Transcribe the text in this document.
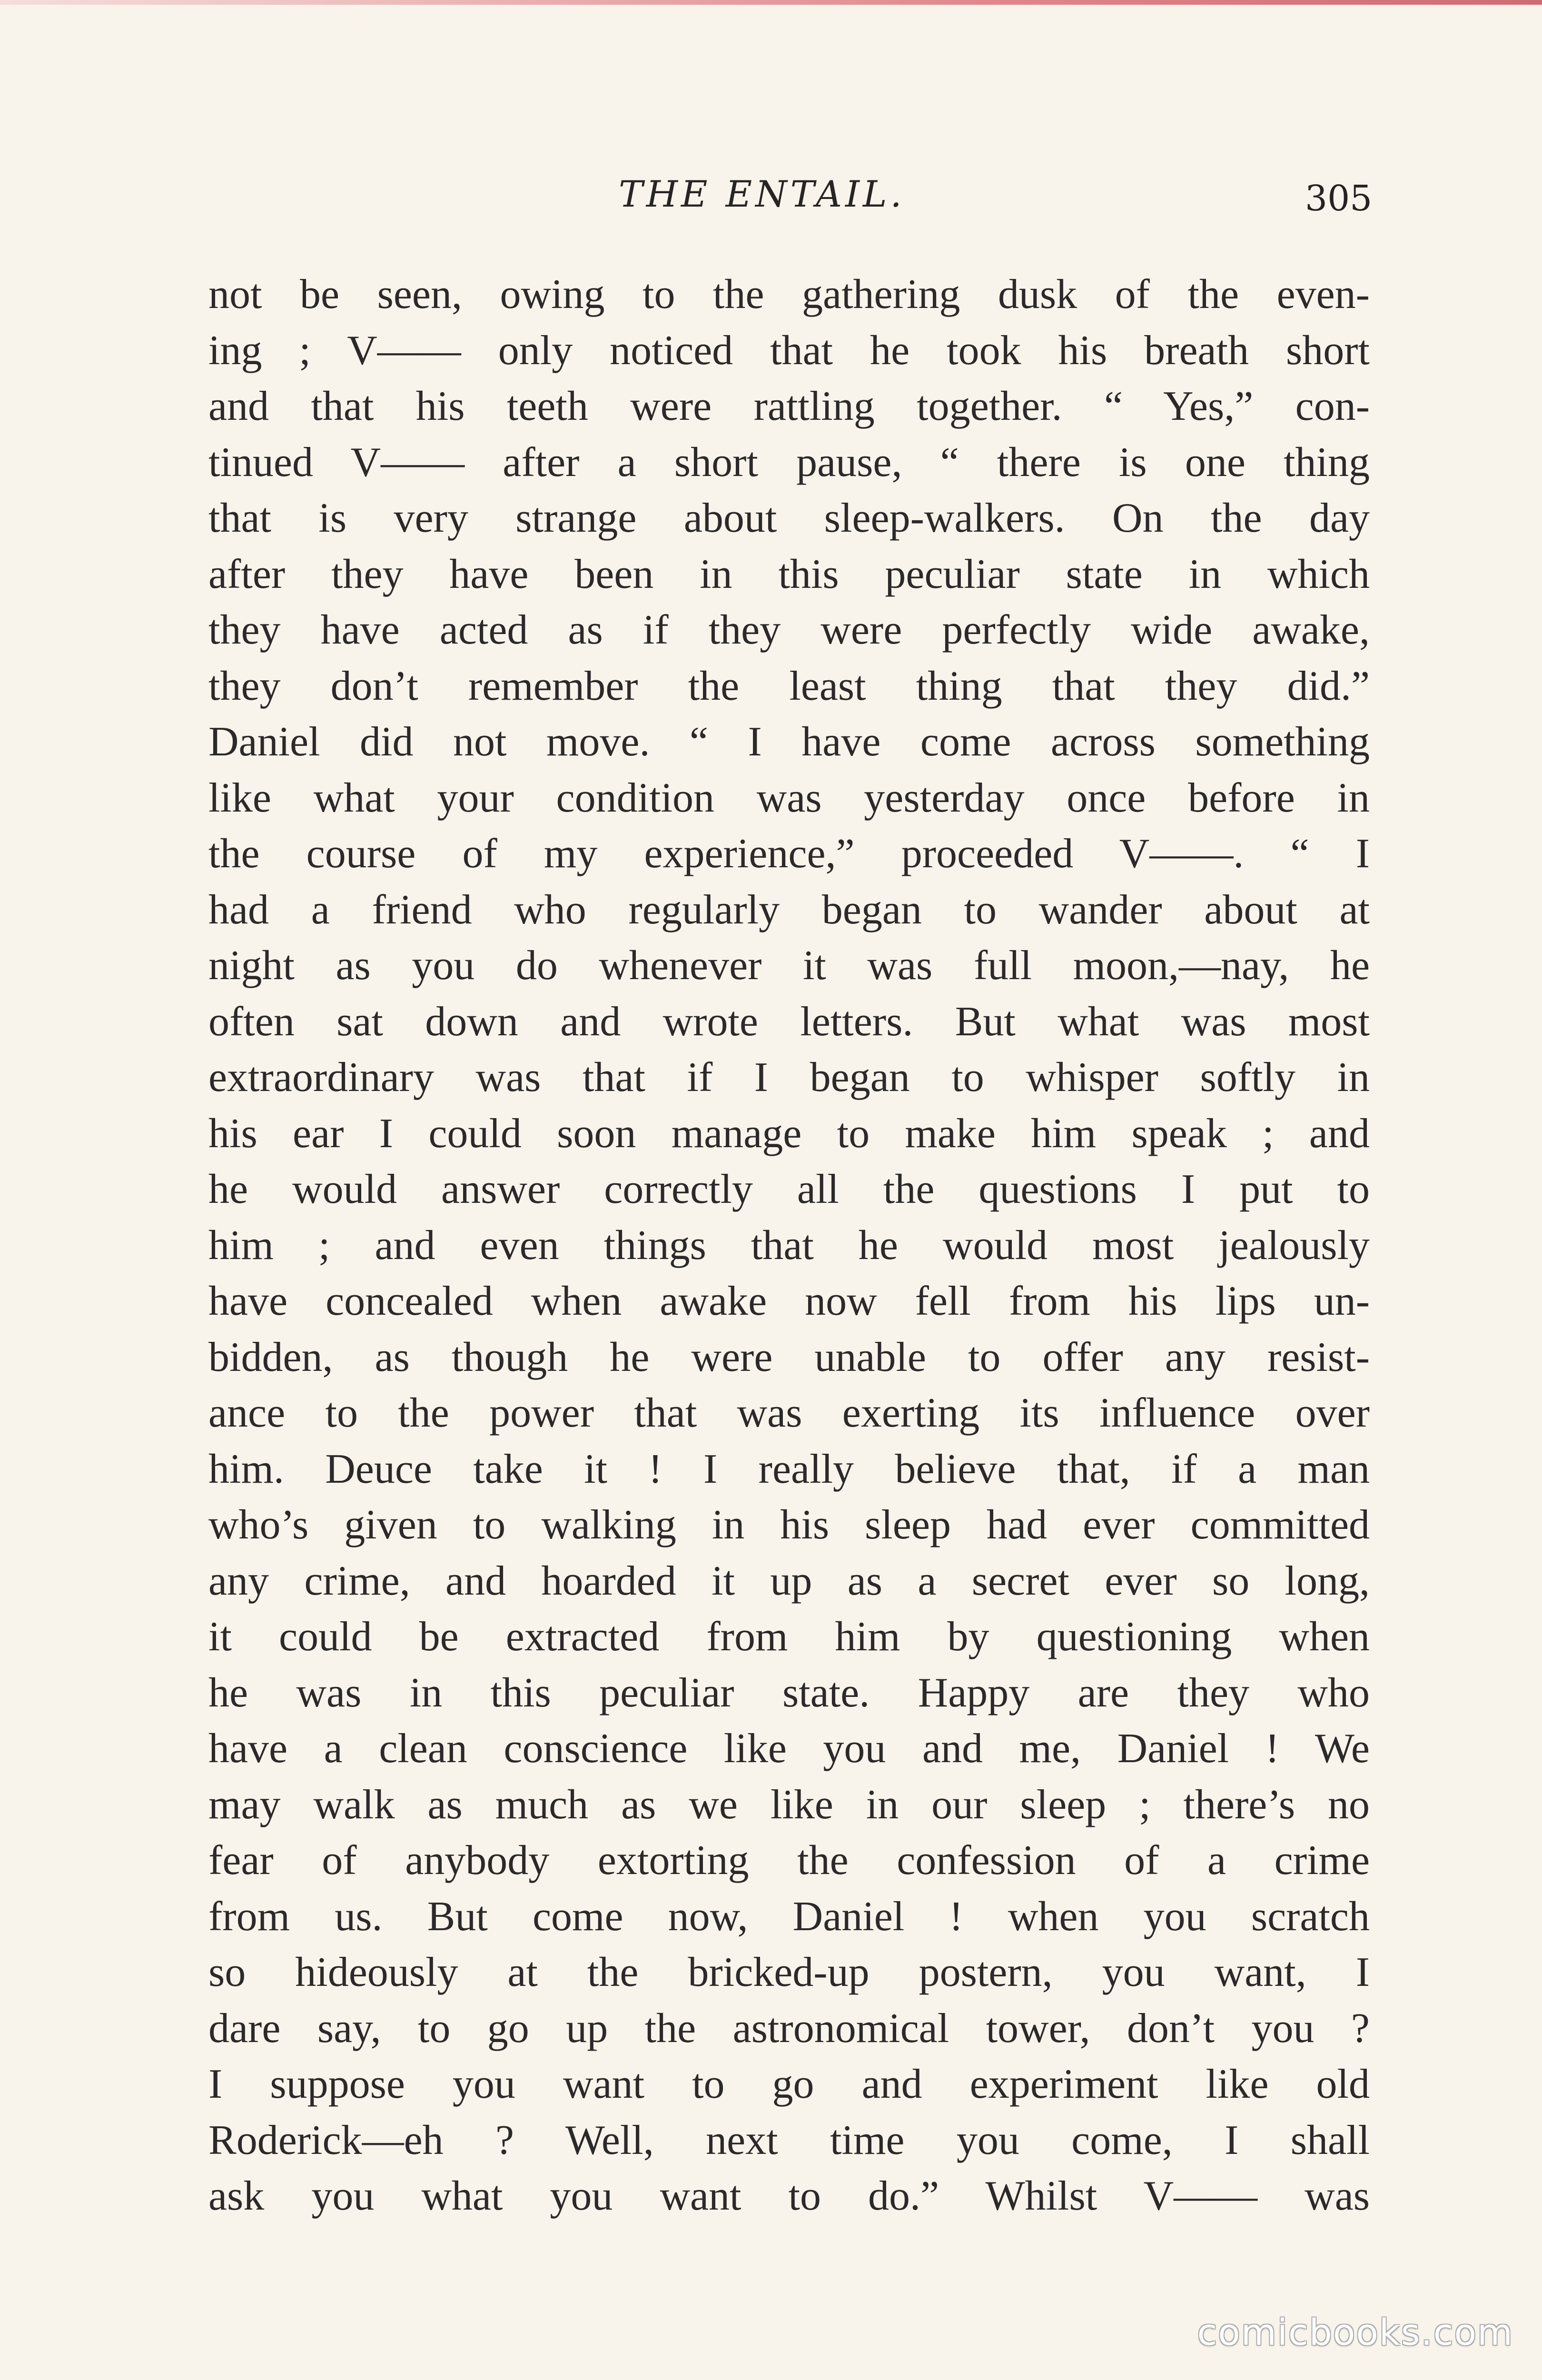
THE ENTAIL.	305
not be seen, owing to the gathering dusk of the even-
ing ; V—— only noticed that he took his breath short
and that his teeth were rattling together. “ Yes,” con-
tinued V—— after a short pause, “ there is one thing
that is very strange about sleep-walkers. On the day
after they have been in this peculiar state in which
they have acted as if they were perfectly wide awake,
they don’t remember the least thing that they did.”
Daniel did not move. “ I have come across something
like what your condition was yesterday once before in
the course of my experience,” proceeded V——. “ I
had a friend who regularly began to wander about at
night as you do whenever it was full moon,—nay, he
often sat down and wrote letters. But what was most
extraordinary was that if I began to whisper softly in
his ear I could soon manage to make him speak ; and
he would answer correctly all the questions I put to
him ; and even things that he would most jealously
have concealed when awake now fell from his lips un-
bidden, as though he were unable to offer any resist-
ance to the power that was exerting its influence over
him. Deuce take it ! I really believe that, if a man
who’s given to walking in his sleep had ever committed
any crime, and hoarded it up as a secret ever so long,
it could be extracted from him by questioning when
he was in this peculiar state. Happy are they who
have a clean conscience like you and me, Daniel ! We
may walk as much as we like in our sleep ; there’s no
fear of anybody extorting the confession of a crime
from us. But come now, Daniel ! when you scratch
so hideously at the bricked-up postern, you want, I
dare say, to go up the astronomical tower, don’t you ?
I suppose you want to go and experiment like old
Roderick—eh ? Well, next time you come, I shall
ask you what you want to do.” Whilst V—— was
comicbooks.com
